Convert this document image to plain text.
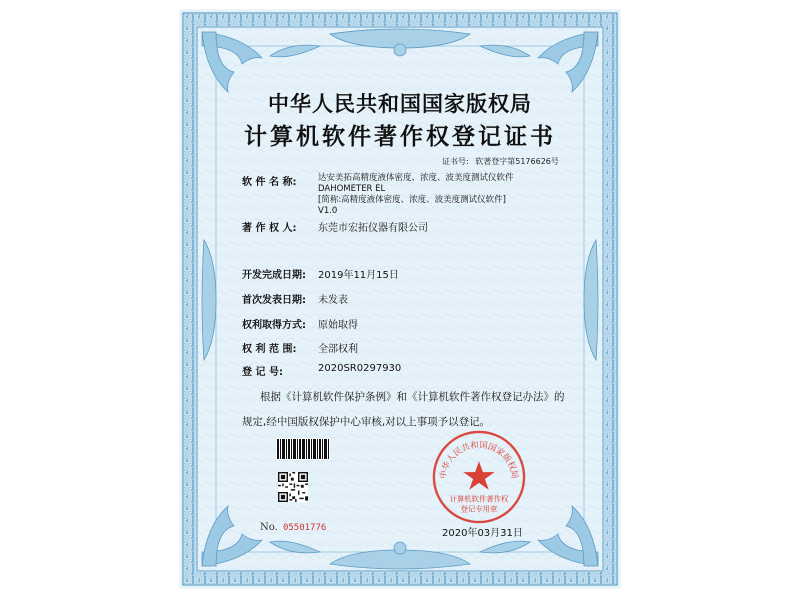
中华人民共和国国家版权局
计算机软件著作权登记证书
证书号: 软著登字第5176626号
软 件 名 称:	达安美拓高精度液体密度、浓度、波美度测试仪软件
DAHOMETER EL
[简称:高精度液体密度、浓度、波美度测试仪软件]
V1.0
著 作 权 人: 东莞市宏拓仪器有限公司
开发完成日期: 2019年11月15日
首次发表日期: 未发表
权利取得方式: 原始取得
权 利 范 围: 全部权利
登 记 号:	2020SR0297930
根据《计算机软件保护条例》和《计算机软件著作权登记办法》的
规定,经中国版权保护中心审核,对以上事项予以登记。
No. 05501776
中华人民共和国国家版权局
计算机软件著作权
登记专用章
2020年03月31日
